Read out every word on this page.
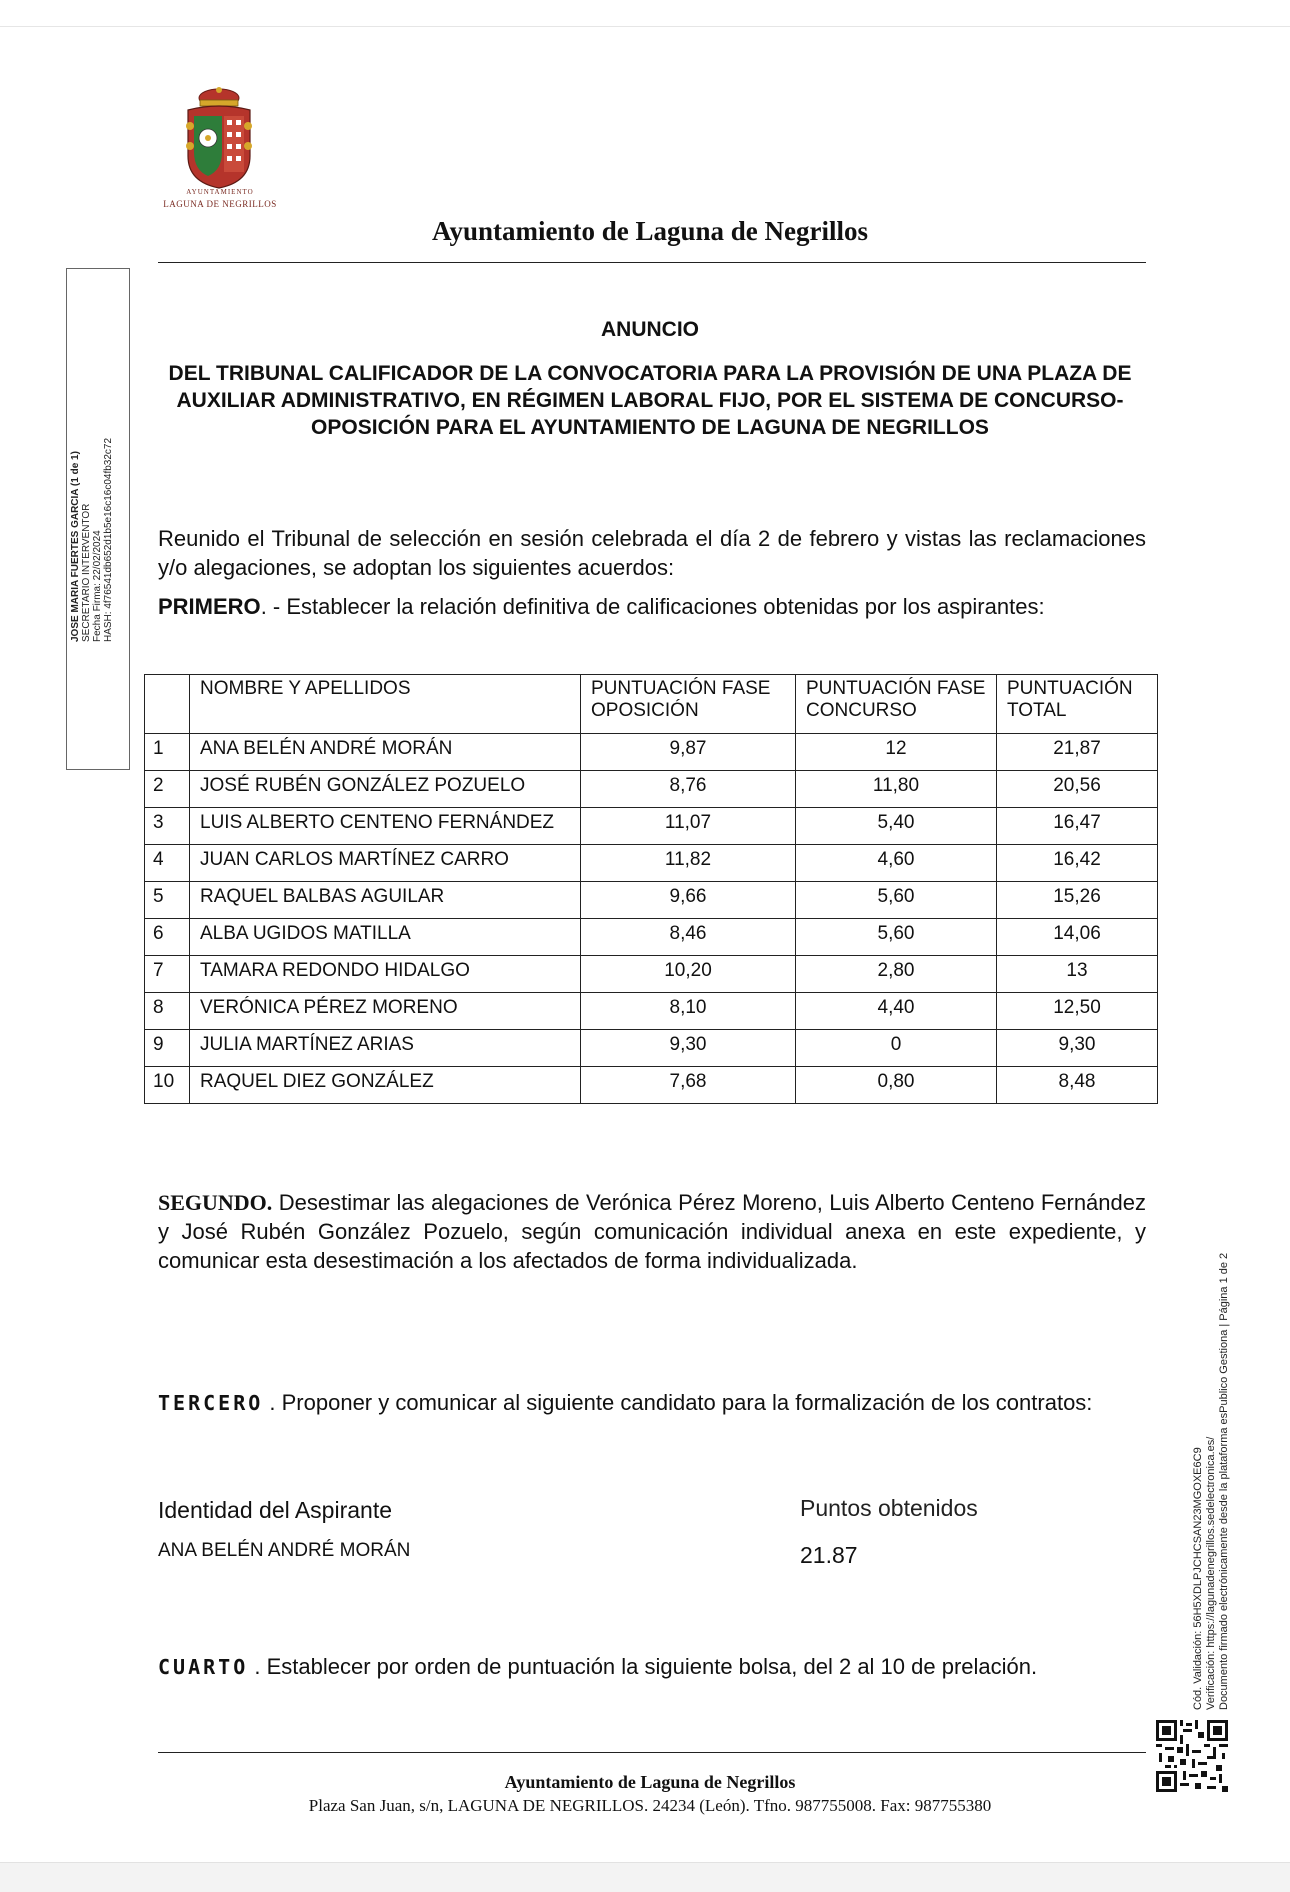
AYUNTAMIENTO
LAGUNA DE NEGRILLOS
Ayuntamiento de Laguna de Negrillos
JOSE MARIA FUERTES GARCIA (1 de 1) SECRETARIO INTERVENTOR Fecha Firma: 22/02/2024 HASH: 4f76541db652d1b5e16c16c04fb32c72
ANUNCIO
DEL TRIBUNAL CALIFICADOR DE LA CONVOCATORIA PARA LA PROVISIÓN DE UNA PLAZA DE AUXILIAR ADMINISTRATIVO, EN RÉGIMEN LABORAL FIJO, POR EL SISTEMA DE CONCURSO-OPOSICIÓN PARA EL AYUNTAMIENTO DE LAGUNA DE NEGRILLOS
Reunido el Tribunal de selección en sesión celebrada el día 2 de febrero y vistas las reclamaciones y/o alegaciones, se adoptan los siguientes acuerdos:
PRIMERO. - Establecer la relación definitiva de calificaciones obtenidas por los aspirantes:
	NOMBRE Y APELLIDOS	PUNTUACIÓN FASE OPOSICIÓN	PUNTUACIÓN FASE CONCURSO	PUNTUACIÓN TOTAL
1	ANA BELÉN ANDRÉ MORÁN	9,87	12	21,87
2	JOSÉ RUBÉN GONZÁLEZ POZUELO	8,76	11,80	20,56
3	LUIS ALBERTO CENTENO FERNÁNDEZ	11,07	5,40	16,47
4	JUAN CARLOS MARTÍNEZ CARRO	11,82	4,60	16,42
5	RAQUEL BALBAS AGUILAR	9,66	5,60	15,26
6	ALBA UGIDOS MATILLA	8,46	5,60	14,06
7	TAMARA REDONDO HIDALGO	10,20	2,80	13
8	VERÓNICA PÉREZ MORENO	8,10	4,40	12,50
9	JULIA MARTÍNEZ ARIAS	9,30	0	9,30
10	RAQUEL DIEZ GONZÁLEZ	7,68	0,80	8,48
SEGUNDO. Desestimar las alegaciones de Verónica Pérez Moreno, Luis Alberto Centeno Fernández y José Rubén González Pozuelo, según comunicación individual anexa en este expediente, y comunicar esta desestimación a los afectados de forma individualizada.
TERCERO . Proponer y comunicar al siguiente candidato para la formalización de los contratos:
Identidad del Aspirante	Puntos obtenidos
ANA BELÉN ANDRÉ MORÁN	21.87
CUARTO . Establecer por orden de puntuación la siguiente bolsa, del 2 al 10 de prelación.	Cód. Validación: 56H5XDLPJCHCSAN23MGOXE6C9 Verificación: https://lagunadenegrillos.sedelectronica.es/ Documento firmado electrónicamente desde la plataforma esPublico Gestiona | Página 1 de 2
Ayuntamiento de Laguna de Negrillos
Plaza San Juan, s/n, LAGUNA DE NEGRILLOS. 24234 (León). Tfno. 987755008. Fax: 987755380
